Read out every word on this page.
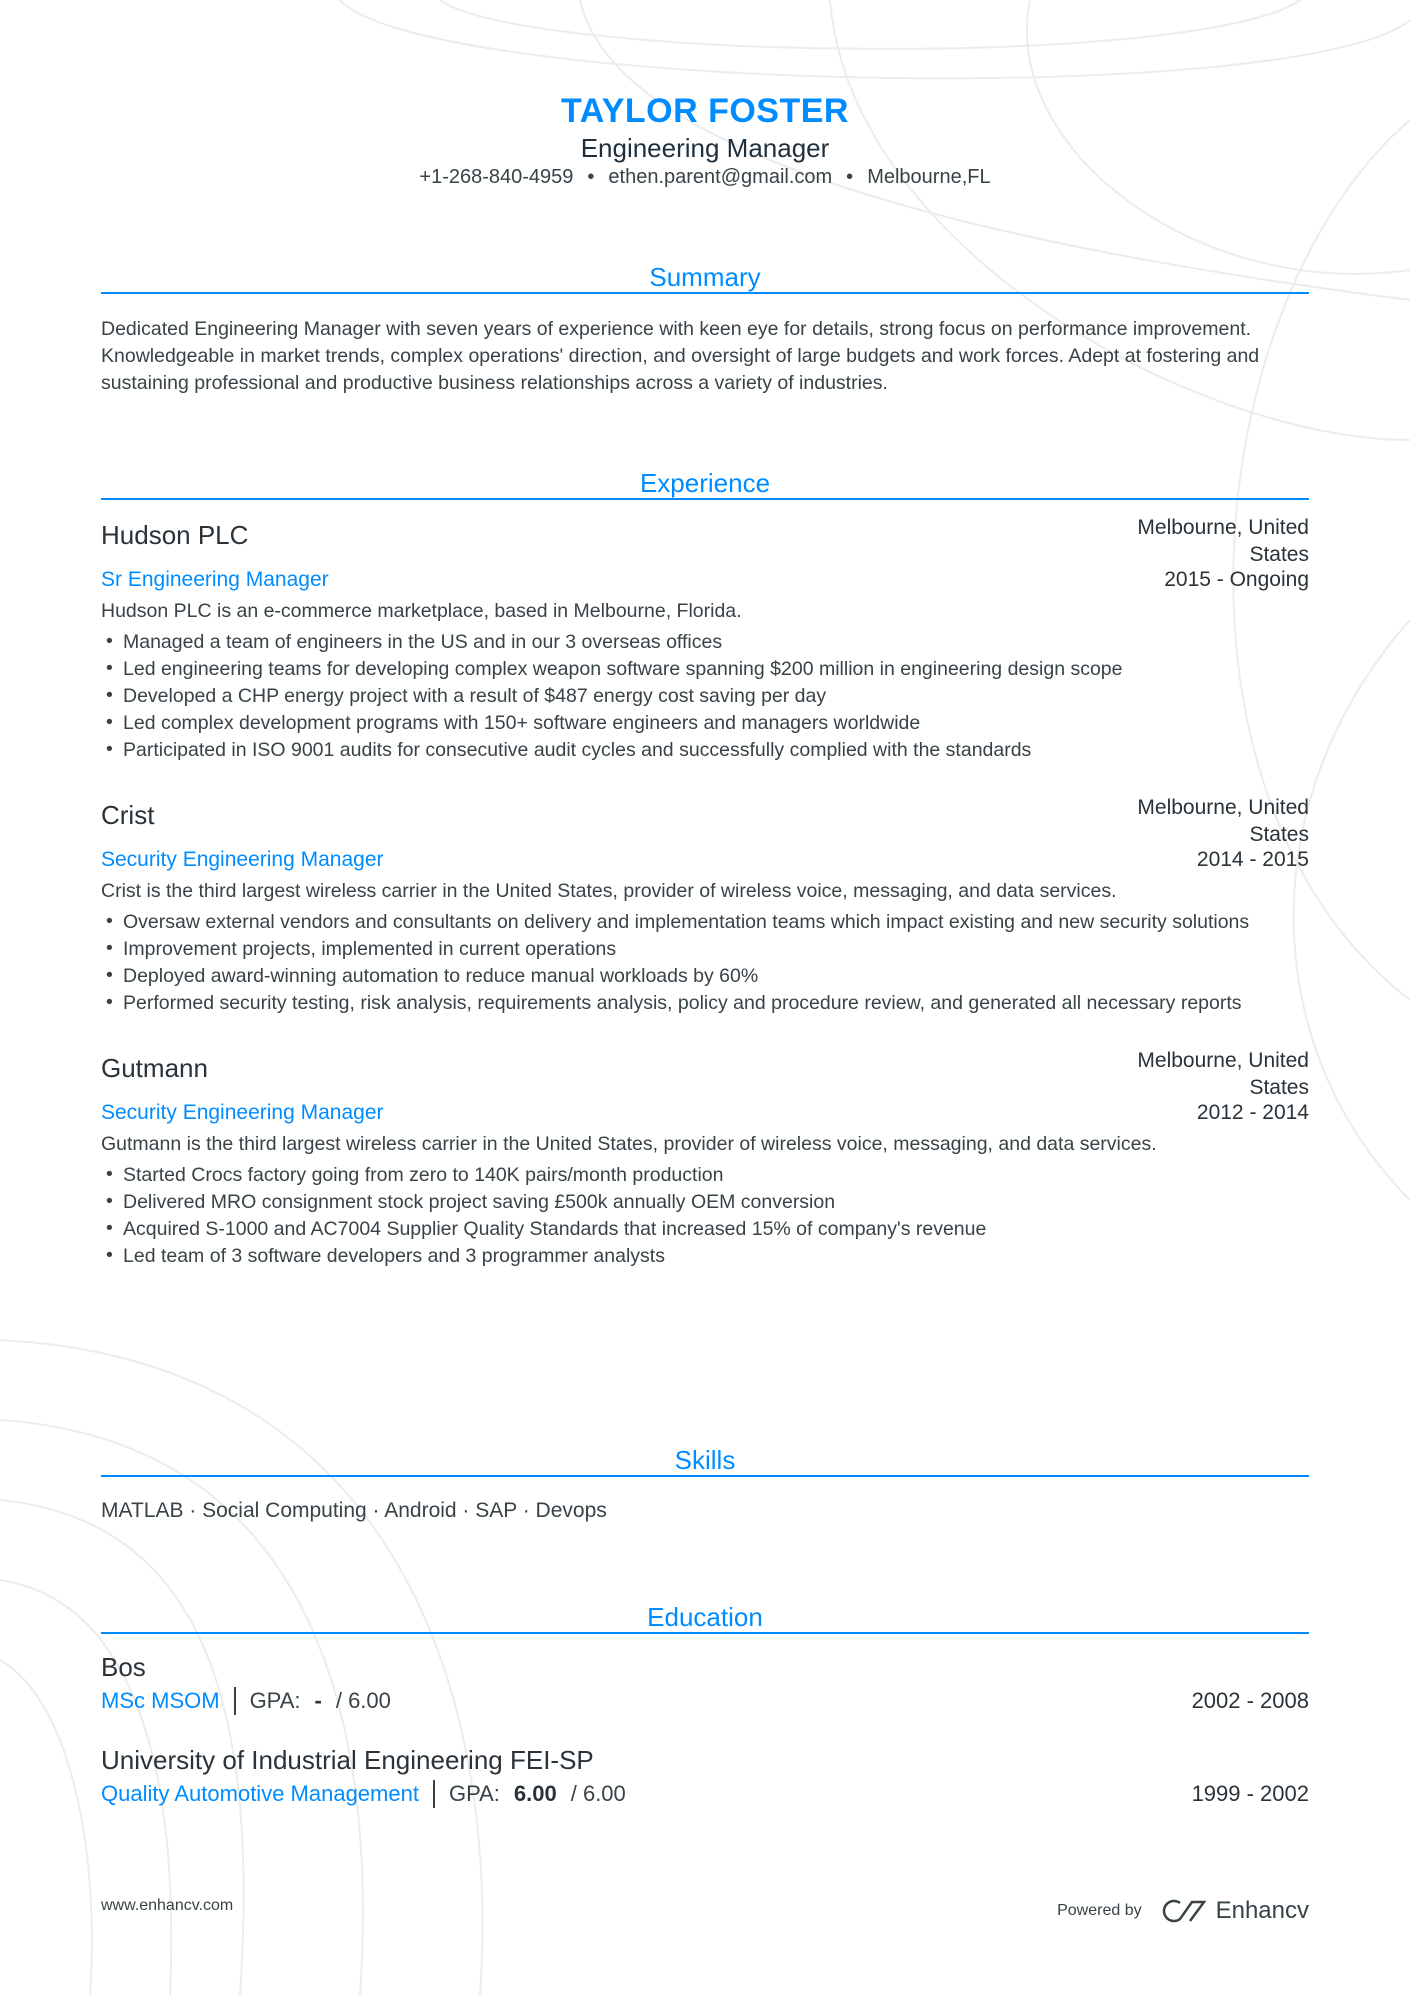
TAYLOR FOSTER
Engineering Manager
+1-268-840-4959 • ethen.parent@gmail.com • Melbourne,FL
Summary
Dedicated Engineering Manager with seven years of experience with keen eye for details, strong focus on performance improvement. Knowledgeable in market trends, complex operations' direction, and oversight of large budgets and work forces. Adept at fostering and sustaining professional and productive business relationships across a variety of industries.
Experience
Hudson PLC	Melbourne, United States
Sr Engineering Manager	2015 - Ongoing
Hudson PLC is an e-commerce marketplace, based in Melbourne, Florida.
• Managed a team of engineers in the US and in our 3 overseas offices
• Led engineering teams for developing complex weapon software spanning $200 million in engineering design scope
• Developed a CHP energy project with a result of $487 energy cost saving per day
• Led complex development programs with 150+ software engineers and managers worldwide
• Participated in ISO 9001 audits for consecutive audit cycles and successfully complied with the standards
Crist	Melbourne, United States
Security Engineering Manager	2014 - 2015
Crist is the third largest wireless carrier in the United States, provider of wireless voice, messaging, and data services.
• Oversaw external vendors and consultants on delivery and implementation teams which impact existing and new security solutions
• Improvement projects, implemented in current operations
• Deployed award-winning automation to reduce manual workloads by 60%
• Performed security testing, risk analysis, requirements analysis, policy and procedure review, and generated all necessary reports
Gutmann	Melbourne, United States
Security Engineering Manager	2012 - 2014
Gutmann is the third largest wireless carrier in the United States, provider of wireless voice, messaging, and data services.
• Started Crocs factory going from zero to 140K pairs/month production
• Delivered MRO consignment stock project saving £500k annually OEM conversion
• Acquired S-1000 and AC7004 Supplier Quality Standards that increased 15% of company's revenue
• Led team of 3 software developers and 3 programmer analysts
Skills
MATLAB · Social Computing · Android · SAP · Devops
Education
Bos
MSc MSOM GPA: - / 6.00	2002 - 2008
University of Industrial Engineering FEI-SP
Quality Automotive Management GPA: 6.00 / 6.00	1999 - 2002
www.enhancv.com	Powered by	Enhancv
